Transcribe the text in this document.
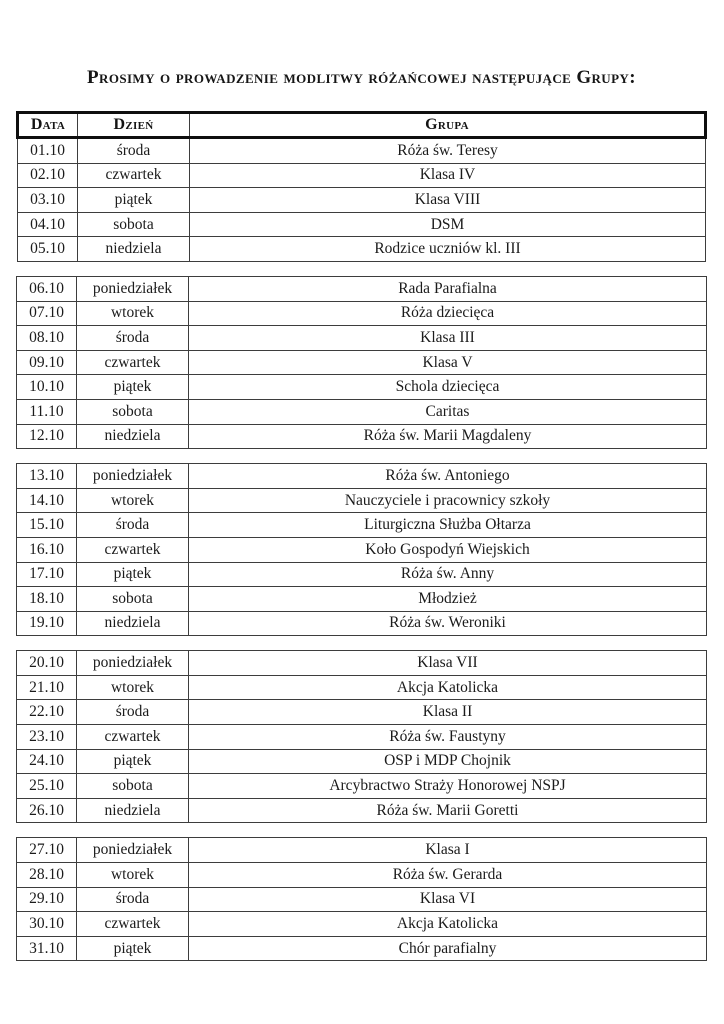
Prosimy o prowadzenie modlitwy różańcowej następujące Grupy:
Data	Dzień	Grupa
01.10	środa	Róża św. Teresy
02.10	czwartek	Klasa IV
03.10	piątek	Klasa VIII
04.10	sobota	DSM
05.10	niedziela	Rodzice uczniów kl. III
06.10	poniedziałek	Rada Parafialna
07.10	wtorek	Róża dziecięca
08.10	środa	Klasa III
09.10	czwartek	Klasa V
10.10	piątek	Schola dziecięca
11.10	sobota	Caritas
12.10	niedziela	Róża św. Marii Magdaleny
13.10	poniedziałek	Róża św. Antoniego
14.10	wtorek	Nauczyciele i pracownicy szkoły
15.10	środa	Liturgiczna Służba Ołtarza
16.10	czwartek	Koło Gospodyń Wiejskich
17.10	piątek	Róża św. Anny
18.10	sobota	Młodzież
19.10	niedziela	Róża św. Weroniki
20.10	poniedziałek	Klasa VII
21.10	wtorek	Akcja Katolicka
22.10	środa	Klasa II
23.10	czwartek	Róża św. Faustyny
24.10	piątek	OSP i MDP Chojnik
25.10	sobota	Arcybractwo Straży Honorowej NSPJ
26.10	niedziela	Róża św. Marii Goretti
27.10	poniedziałek	Klasa I
28.10	wtorek	Róża św. Gerarda
29.10	środa	Klasa VI
30.10	czwartek	Akcja Katolicka
31.10	piątek	Chór parafialny
